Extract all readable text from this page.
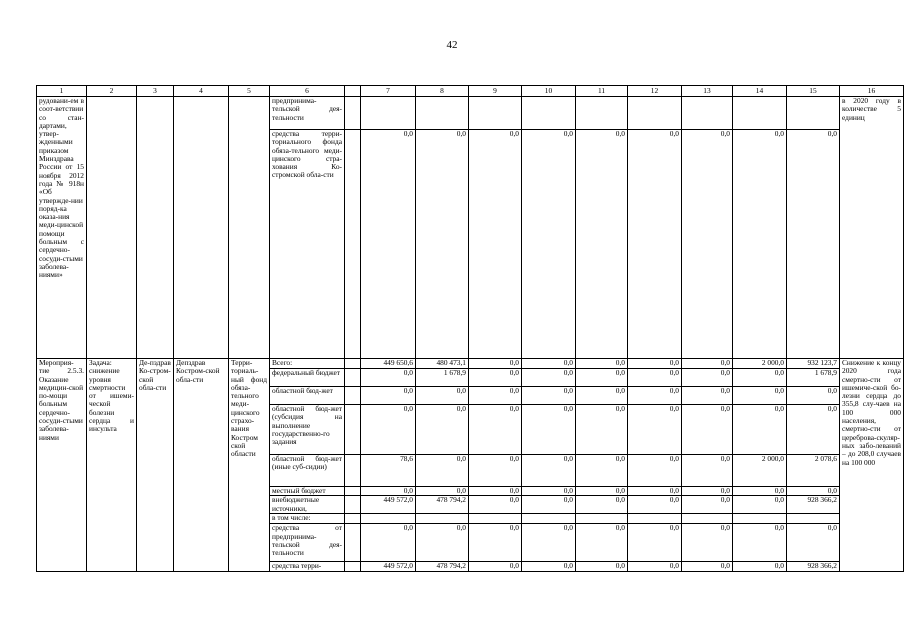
42
1	2	3	4	5	6		7	8	9	10	11	12	13	14	15	16
рудовани-ем в соот-ветствии со стан-дартами, утвер-жденными приказом Минздрава России от 15 ноября 2012 года № 918н «Об утвержде-нии поряд-ка оказа-ния меди-цинской помощи больным с сердечно-сосуди-стыми заболева-ниями»					предпринима-тельской дея-тельности											в 2020 году в количестве 5 единиц
					средства терри-ториального фонда обяза-тельного меди-цинского стра-хования Ко-стромской обла-сти		0,0	0,0	0,0	0,0	0,0	0,0	0,0	0,0	0,0	
Мероприя-тие 2.5.3. Оказание медицин-ской по-мощи больным сердечно-сосуди-стыми заболева-ниями	Задача: снижение уровня смертности от ишеми-ческой болезни сердца и инсульта	Де-пздрав Ко-стром-ской обла-сти	Депздрав Костром-ской обла-сти	Терри-ториаль-ный фонд обяза-тельного меди-цинского страхо-вания Костром ской области	Всего:		449 650,6	480 473,1	0,0	0,0	0,0	0,0	0,0	2 000,0	932 123,7	Снижение к концу 2020 года смертно-сти от ишемиче-ской бо-лезни сердца до 355,8 слу-чаев на 100 000 населения, смертно-сти от цереброва-скуляр-ных забо-леваний – до 208,0 случаев на 100 000
					федеральный бюджет		0,0	1 678,9	0,0	0,0	0,0	0,0	0,0	0,0	1 678,9	
					областной бюд-жет		0,0	0,0	0,0	0,0	0,0	0,0	0,0	0,0	0,0	
					областной бюд-жет (субсидия на выполнение государственно-го задания		0,0	0,0	0,0	0,0	0,0	0,0	0,0	0,0	0,0	
					областной бюд-жет (иные суб-сидии)		78,6	0,0	0,0	0,0	0,0	0,0	0,0	2 000,0	2 078,6	
					местный бюджет		0,0	0,0	0,0	0,0	0,0	0,0	0,0	0,0	0,0	
					внебюджетные источники,		449 572,0	478 794,2	0,0	0,0	0,0	0,0	0,0	0,0	928 366,2	
					в том числе:											
					средства от предпринима-тельской дея-тельности		0,0	0,0	0,0	0,0	0,0	0,0	0,0	0,0	0,0	
					средства терри-		449 572,0	478 794,2	0,0	0,0	0,0	0,0	0,0	0,0	928 366,2	
